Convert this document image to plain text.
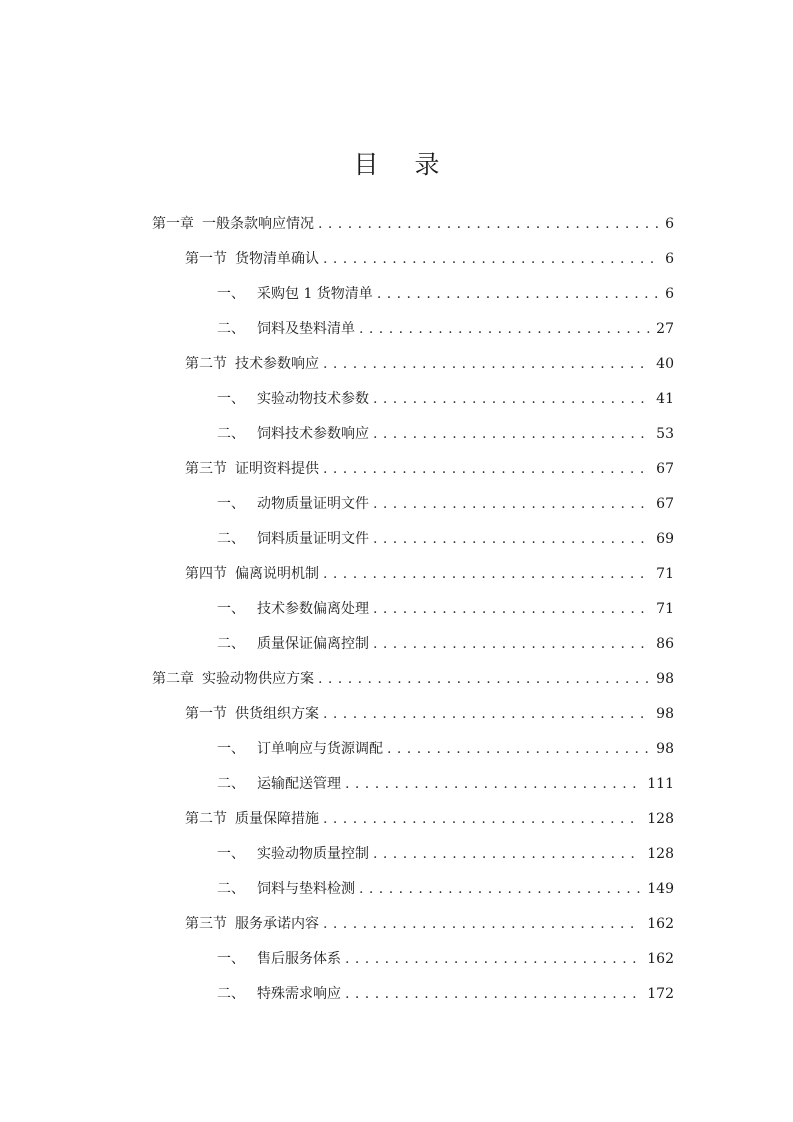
目 录
第一章 一般条款响应情况 . . .	6
第一节 货物清单确认 . . .	6
一、 采购包 1 货物清单 . . .	6
二、 饲料及垫料清单 . . .	27
第二节 技术参数响应 . . .	40
一、 实验动物技术参数 . . .	41
二、 饲料技术参数响应 . . .	53
第三节 证明资料提供 . . .	67
一、 动物质量证明文件 . . .	67
二、 饲料质量证明文件 . . .	69
第四节 偏离说明机制 . . .	71
一、 技术参数偏离处理 . . .	71
二、 质量保证偏离控制 . . .	86
第二章 实验动物供应方案 . . .	98
第一节 供货组织方案 . . .	98
一、 订单响应与货源调配 . . .	98
二、 运输配送管理 . . .	111
第二节 质量保障措施 . . .	128
一、 实验动物质量控制 . . .	128
二、 饲料与垫料检测 . . .	149
第三节 服务承诺内容 . . .	162
一、 售后服务体系 . . .	162
二、 特殊需求响应 . . .	172
